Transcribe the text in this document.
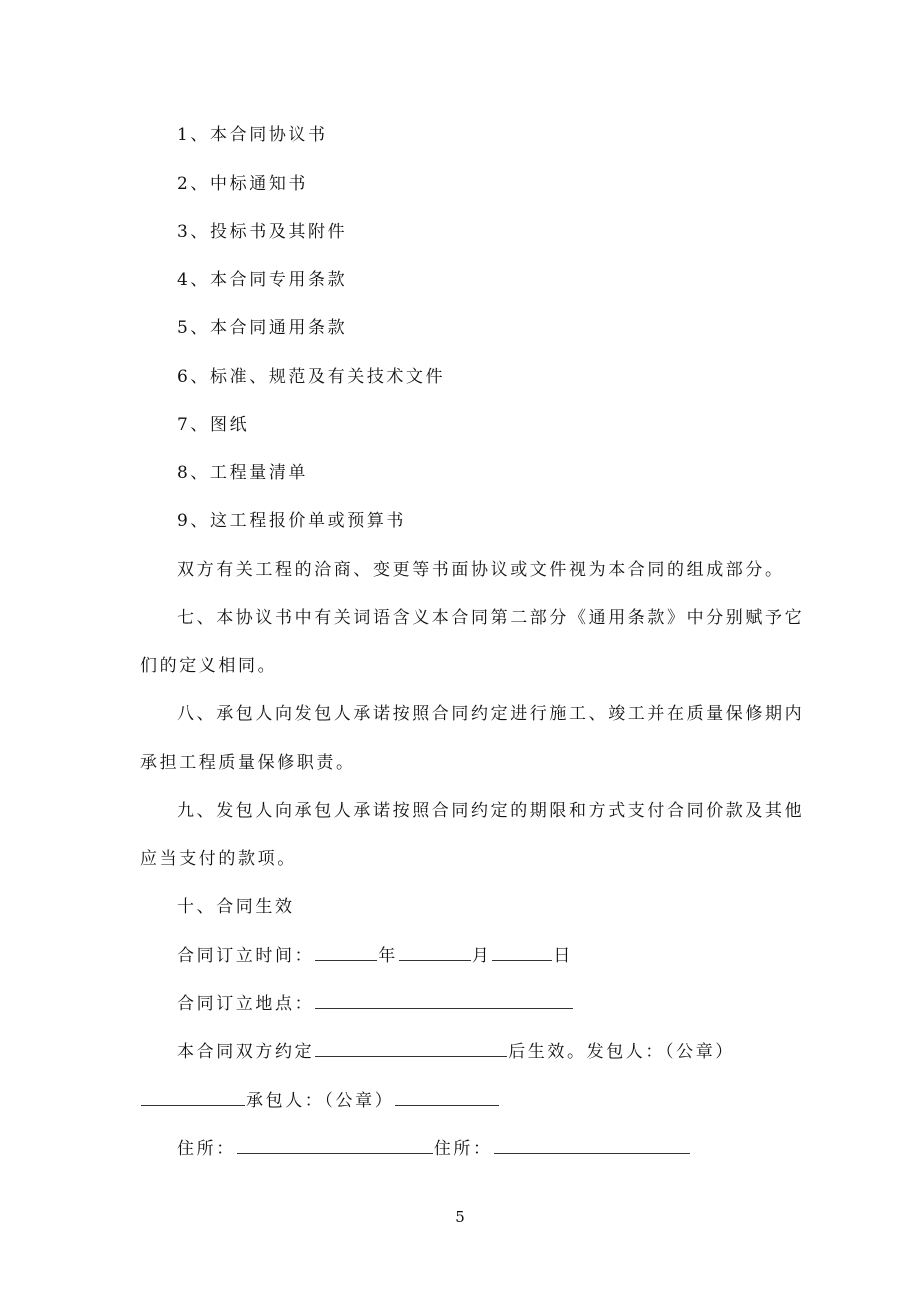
1、本合同协议书

2、中标通知书

3、投标书及其附件

4、本合同专用条款

5、本合同通用条款

6、标准、规范及有关技术文件

7、图纸

8、工程量清单

9、这工程报价单或预算书

双方有关工程的洽商、变更等书面协议或文件视为本合同的组成部分。

七、本协议书中有关词语含义本合同第二部分《通用条款》中分别赋予它

们的定义相同。

八、承包人向发包人承诺按照合同约定进行施工、竣工并在质量保修期内

承担工程质量保修职责。

九、发包人向承包人承诺按照合同约定的期限和方式支付合同价款及其他

应当支付的款项。

十、合同生效

合同订立时间：	年	月	日

合同订立地点：

本合同双方约定	后生效。发包人：（公章）

承包人：（公章）

住所：	住所：

5
